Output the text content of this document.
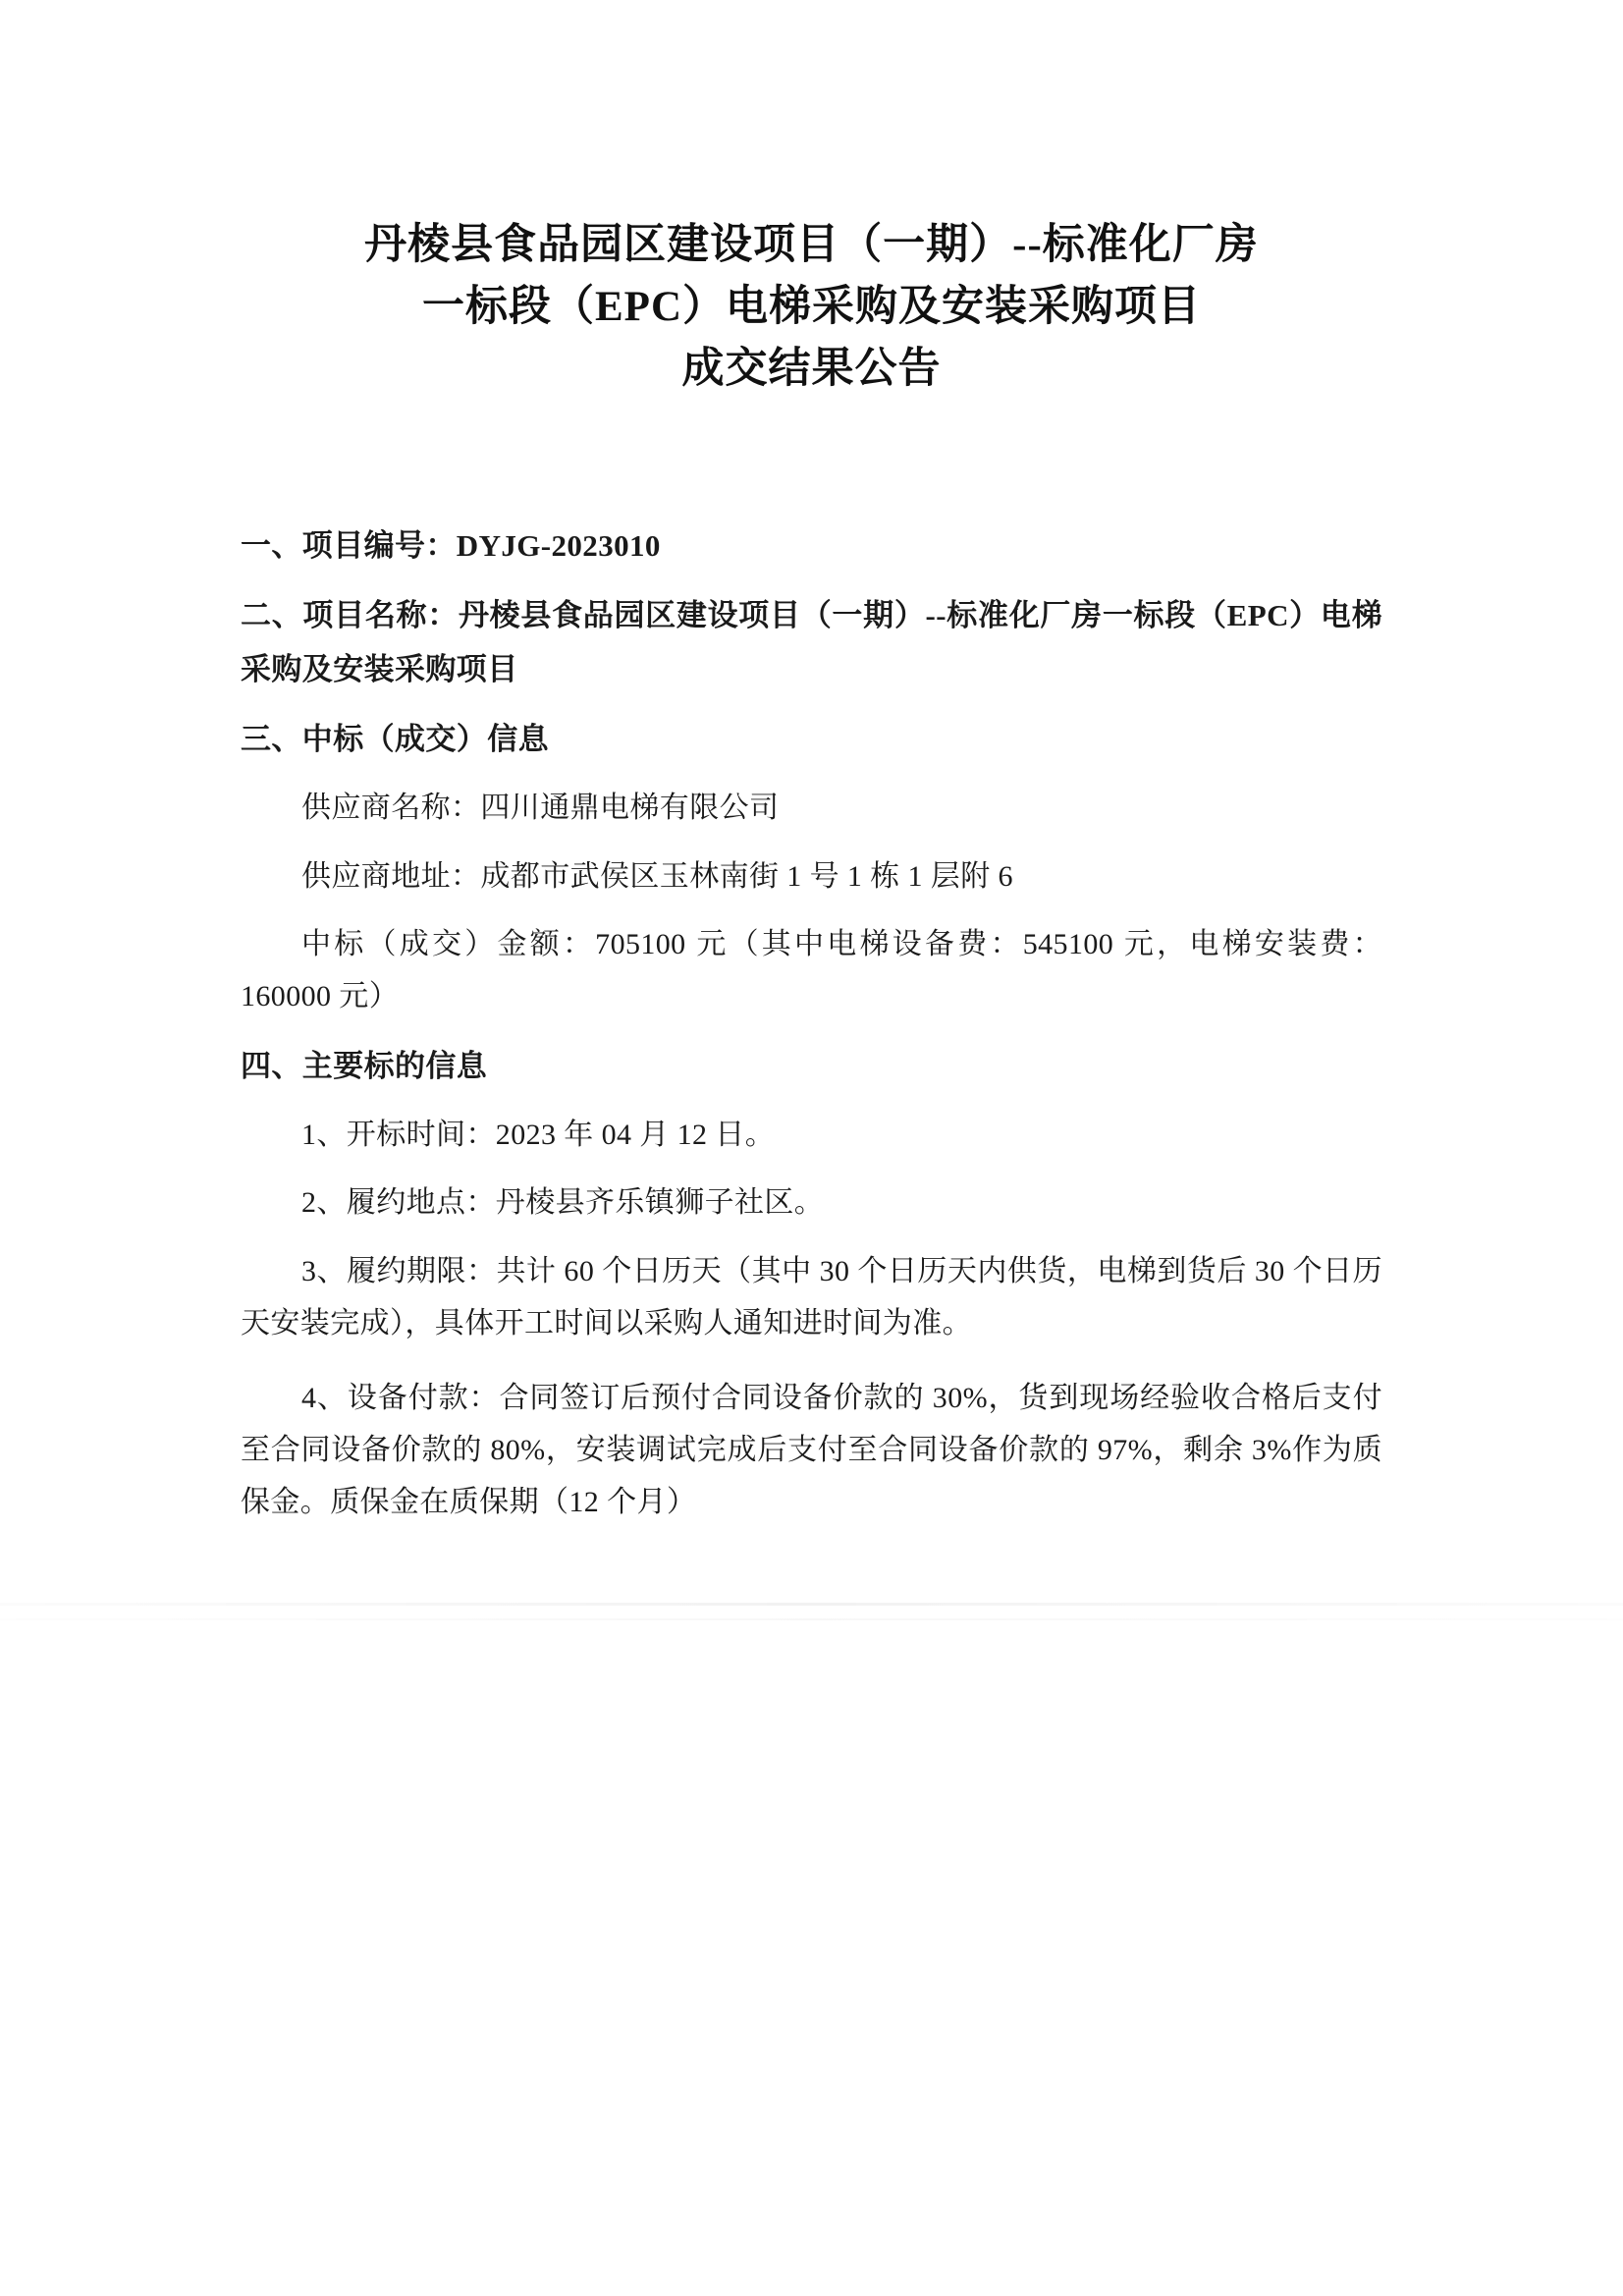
丹棱县食品园区建设项目（一期）--标准化厂房
一标段（EPC）电梯采购及安装采购项目
成交结果公告

一、项目编号：DYJG-2023010

二、项目名称：丹棱县食品园区建设项目（一期）--标准化厂房一标段（EPC）电梯采购及安装采购项目

三、中标（成交）信息

供应商名称：四川通鼎电梯有限公司

供应商地址：成都市武侯区玉林南街 1 号 1 栋 1 层附 6

中标（成交）金额：705100 元（其中电梯设备费：545100 元，电梯安装费：160000 元）

四、主要标的信息

1、开标时间：2023 年 04 月 12 日。

2、履约地点：丹棱县齐乐镇狮子社区。

3、履约期限：共计 60 个日历天（其中 30 个日历天内供货，电梯到货后 30 个日历天安装完成），具体开工时间以采购人通知进时间为准。

4、设备付款：合同签订后预付合同设备价款的 30%，货到现场经验收合格后支付至合同设备价款的 80%，安装调试完成后支付至合同设备价款的 97%，剩余 3%作为质保金。质保金在质保期（12 个月）
